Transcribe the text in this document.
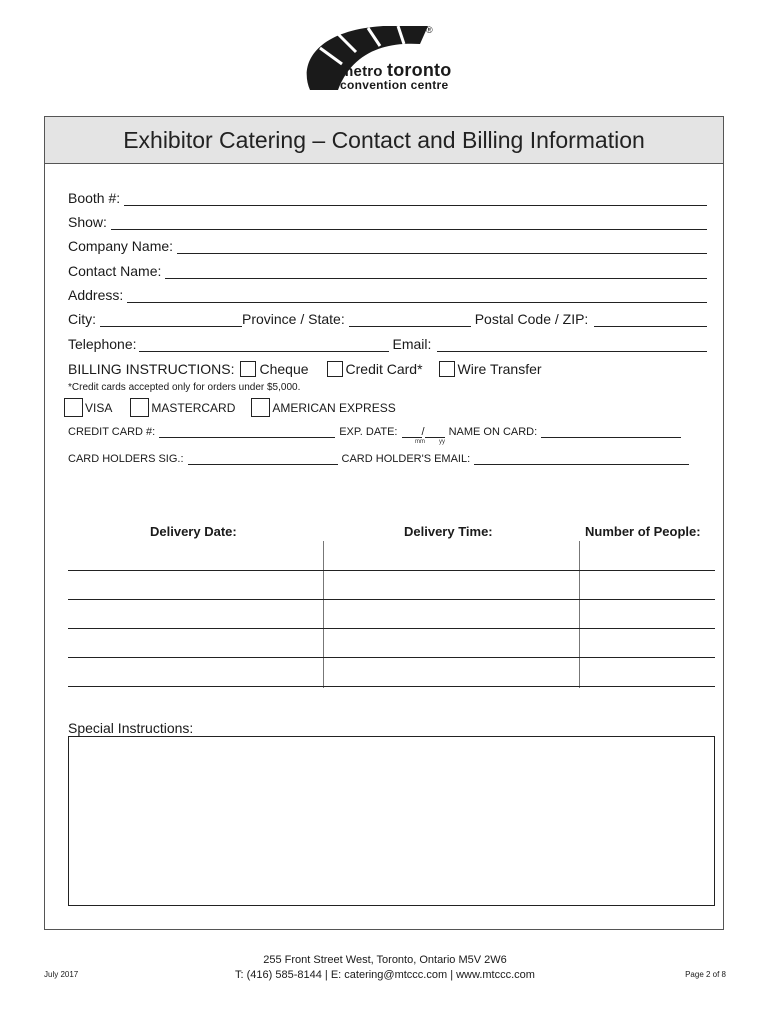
®
metro toronto
convention centre
Exhibitor Catering – Contact and Billing Information
Booth #:
Show:
Company Name:
Contact Name:
Address:
City:	Province / State:	Postal Code / ZIP:
Telephone:	Email:
BILLING INSTRUCTIONS: Cheque	Credit Card*	Wire Transfer
*Credit cards accepted only for orders under $5,000.
VISA	MASTERCARD	AMERICAN EXPRESS
CREDIT CARD #:	EXP. DATE: / NAME ON CARD:
mm yy
CARD HOLDERS SIG.:	CARD HOLDER'S EMAIL:
Delivery Date:	Delivery Time:	Number of People:
Special Instructions:
July 2017
255 Front Street West, Toronto, Ontario M5V 2W6
T: (416) 585-8144 | E: catering@mtccc.com | www.mtccc.com	Page 2 of 8
